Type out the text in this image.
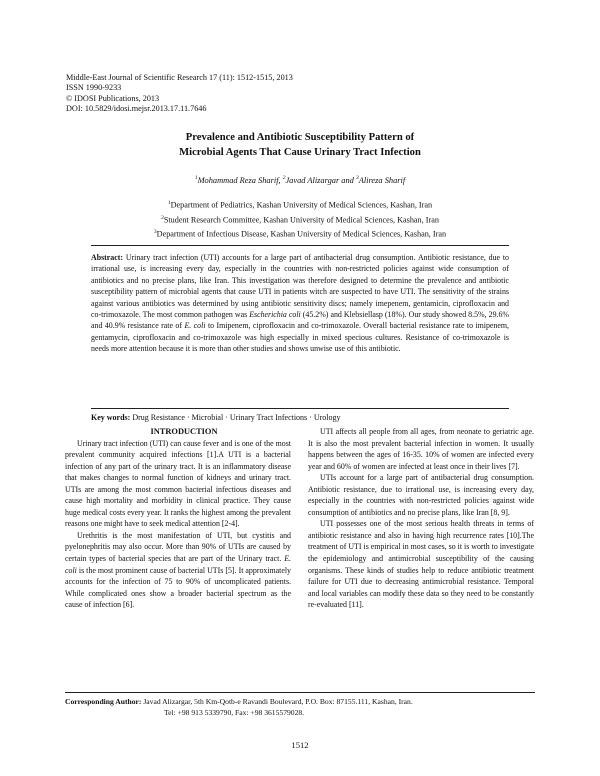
Middle-East Journal of Scientific Research 17 (11): 1512-1515, 2013
ISSN 1990-9233
© IDOSI Publications, 2013
DOI: 10.5829/idosi.mejsr.2013.17.11.7646
Prevalence and Antibiotic Susceptibility Pattern of
Microbial Agents That Cause Urinary Tract Infection
$^1$Mohammad Reza Sharif, $^2$Javad Alizargar and $^3$Alireza Sharif
$^1$Department of Pediatrics, Kashan University of Medical Sciences, Kashan, Iran
$^2$Student Research Committee, Kashan University of Medical Sciences, Kashan, Iran
$^3$Department of Infectious Disease, Kashan University of Medical Sciences, Kashan, Iran
Abstract: Urinary tract infection (UTI) accounts for a large part of antibacterial drug consumption. Antibiotic resistance, due to irrational use, is increasing every day, especially in the countries with non-restricted policies against wide consumption of antibiotics and no precise plans, like Iran. This investigation was therefore designed to determine the prevalence and antibiotic susceptibility pattern of microbial agents that cause UTI in patients witch are suspected to have UTI. The sensitivity of the strains against various antibiotics was determined by using antibiotic sensitivity discs; namely imepenem, gentamicin, ciprofloxacin and co-trimoxazole. The most common pathogen was Escherichia coli (45.2%) and Klebsiellasp (18%). Our study showed 8.5%, 29.6% and 40.9% resistance rate of E. coli to Imipenem, ciprofloxacin and co-trimoxazole. Overall bacterial resistance rate to imipenem, gentamycin, ciprofloxacin and co-trimoxazole was high especially in mixed specious cultures. Resistance of co-trimoxazole is needs more attention because it is more than other studies and shows unwise use of this antibiotic.
Key words: Drug Resistance · Microbial · Urinary Tract Infections · Urology

INTRODUCTION

Urinary tract infection (UTI) can cause fever and is one of the most prevalent community acquired infections [1].A UTI is a bacterial infection of any part of the urinary tract. It is an inflammatory disease that makes changes to normal function of kidneys and urinary tract. UTIs are among the most common bacterial infectious diseases and cause high mortality and morbidity in clinical practice. They cause huge medical costs every year. It ranks the highest among the prevalent reasons one might have to seek medical attention [2-4].

Urethritis is the most manifestation of UTI, but cystitis and pyelonephritis may also occur. More than 90% of UTIs are caused by certain types of bacterial species that are part of the Urinary tract. E. coli is the most prominent cause of bacterial UTIs [5]. It approximately accounts for the infection of 75 to 90% of uncomplicated patients. While complicated ones show a broader bacterial spectrum as the cause of infection [6].

UTI affects all people from all ages, from neonate to geriatric age. It is also the most prevalent bacterial infection in women. It usually happens between the ages of 16-35. 10% of women are infected every year and 60% of women are infected at least once in their lives [7].

UTIs account for a large part of antibacterial drug consumption. Antibiotic resistance, due to irrational use, is increasing every day, especially in the countries with non-restricted policies against wide consumption of antibiotics and no precise plans, like Iran [8, 9].

UTI possesses one of the most serious health threats in terms of antibiotic resistance and also in having high recurrence rates [10].The treatment of UTI is empirical in most cases, so it is worth to investigate the epidemiology and antimicrobial susceptibility of the causing organisms. These kinds of studies help to reduce antibiotic treatment failure for UTI due to decreasing antimicrobial resistance. Temporal and local variables can modify these data so they need to be constantly re-evaluated [11].

Corresponding Author: Javad Alizargar, 5th Km-Qotb-e Ravandi Boulevard, P.O. Box: 87155.111, Kashan, Iran.
Tel: +98 913 5339790, Fax: +98 3615579028.
1512
